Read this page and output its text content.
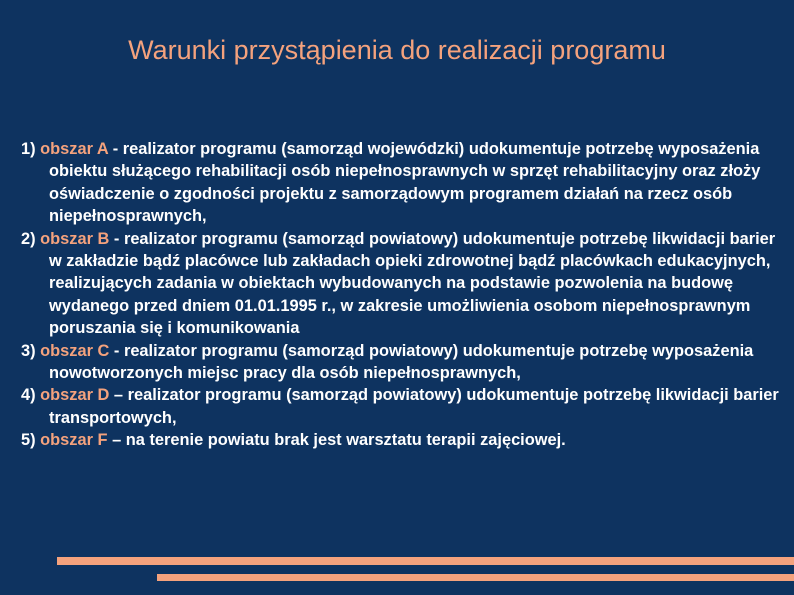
Warunki przystąpienia do realizacji programu
1) obszar A - realizator programu (samorząd wojewódzki) udokumentuje potrzebę wyposażenia obiektu służącego rehabilitacji osób niepełnosprawnych w sprzęt rehabilitacyjny oraz złoży oświadczenie o zgodności projektu z samorządowym programem działań na rzecz osób niepełnosprawnych,
2) obszar B - realizator programu (samorząd powiatowy) udokumentuje potrzebę likwidacji barier w zakładzie bądź placówce lub zakładach opieki zdrowotnej bądź placówkach edukacyjnych, realizujących zadania w obiektach wybudowanych na podstawie pozwolenia na budowę wydanego przed dniem 01.01.1995 r., w zakresie umożliwienia osobom niepełnosprawnym poruszania się i komunikowania
3) obszar C - realizator programu (samorząd powiatowy) udokumentuje potrzebę wyposażenia nowotworzonych miejsc pracy dla osób niepełnosprawnych,
4) obszar D – realizator programu (samorząd powiatowy) udokumentuje potrzebę likwidacji barier transportowych,
5) obszar F – na terenie powiatu brak jest warsztatu terapii zajęciowej.
